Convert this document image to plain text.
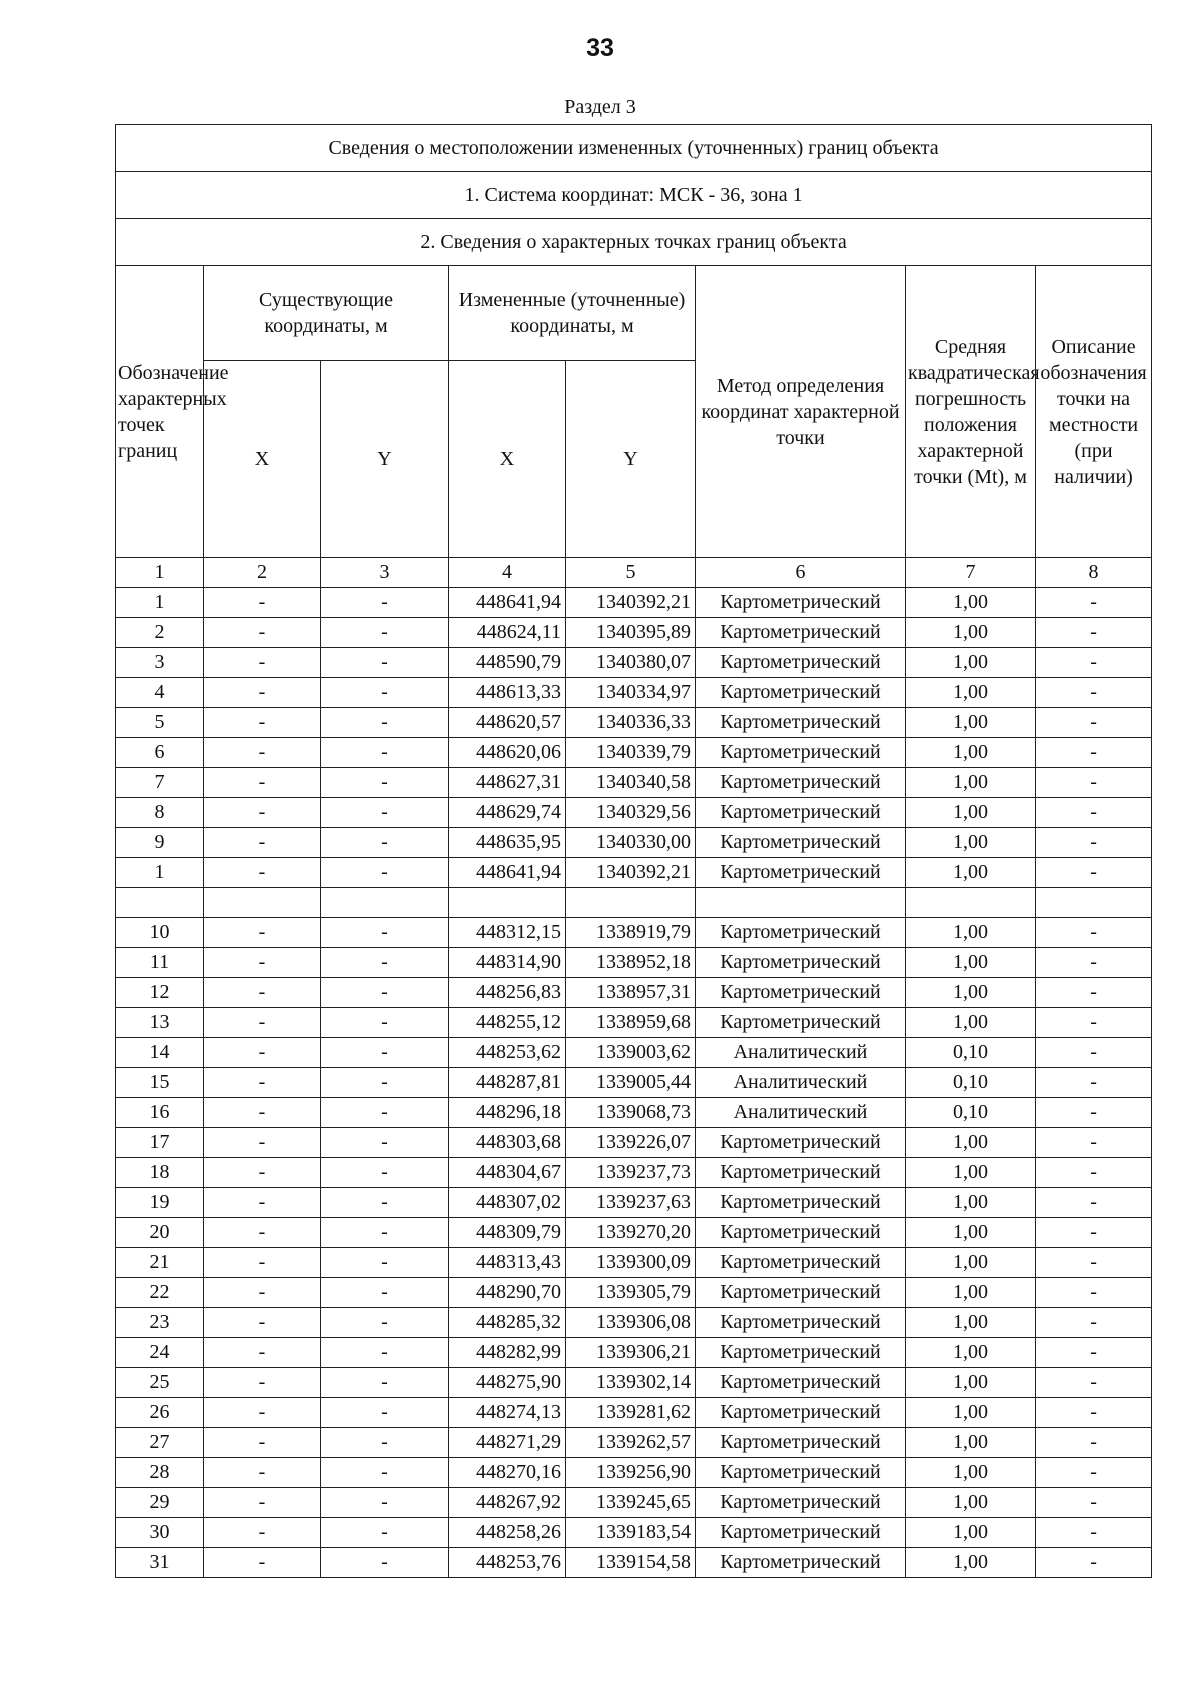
33
Раздел 3
Сведения о местоположении измененных (уточненных) границ объекта							
1. Система координат: МСК - 36, зона 1							
2. Сведения о характерных точках границ объекта							
Обозначение характерных точек границ	Существующие координаты, м		Измененные (уточненные) координаты, м		Метод определения координат характерной точки	Средняя квадратическая погрешность положения характерной точки (Mt), м	Описание обозначения точки на местности (при наличии)
	X	Y	X	Y			
1	2	3	4	5	6	7	8
1	-	-	448641,94	1340392,21	Картометрический	1,00	-
2	-	-	448624,11	1340395,89	Картометрический	1,00	-
3	-	-	448590,79	1340380,07	Картометрический	1,00	-
4	-	-	448613,33	1340334,97	Картометрический	1,00	-
5	-	-	448620,57	1340336,33	Картометрический	1,00	-
6	-	-	448620,06	1340339,79	Картометрический	1,00	-
7	-	-	448627,31	1340340,58	Картометрический	1,00	-
8	-	-	448629,74	1340329,56	Картометрический	1,00	-
9	-	-	448635,95	1340330,00	Картометрический	1,00	-
1	-	-	448641,94	1340392,21	Картометрический	1,00	-

10	-	-	448312,15	1338919,79	Картометрический	1,00	-
11	-	-	448314,90	1338952,18	Картометрический	1,00	-
12	-	-	448256,83	1338957,31	Картометрический	1,00	-
13	-	-	448255,12	1338959,68	Картометрический	1,00	-
14	-	-	448253,62	1339003,62	Аналитический	0,10	-
15	-	-	448287,81	1339005,44	Аналитический	0,10	-
16	-	-	448296,18	1339068,73	Аналитический	0,10	-
17	-	-	448303,68	1339226,07	Картометрический	1,00	-
18	-	-	448304,67	1339237,73	Картометрический	1,00	-
19	-	-	448307,02	1339237,63	Картометрический	1,00	-
20	-	-	448309,79	1339270,20	Картометрический	1,00	-
21	-	-	448313,43	1339300,09	Картометрический	1,00	-
22	-	-	448290,70	1339305,79	Картометрический	1,00	-
23	-	-	448285,32	1339306,08	Картометрический	1,00	-
24	-	-	448282,99	1339306,21	Картометрический	1,00	-
25	-	-	448275,90	1339302,14	Картометрический	1,00	-
26	-	-	448274,13	1339281,62	Картометрический	1,00	-
27	-	-	448271,29	1339262,57	Картометрический	1,00	-
28	-	-	448270,16	1339256,90	Картометрический	1,00	-
29	-	-	448267,92	1339245,65	Картометрический	1,00	-
30	-	-	448258,26	1339183,54	Картометрический	1,00	-
31	-	-	448253,76	1339154,58	Картометрический	1,00	-
